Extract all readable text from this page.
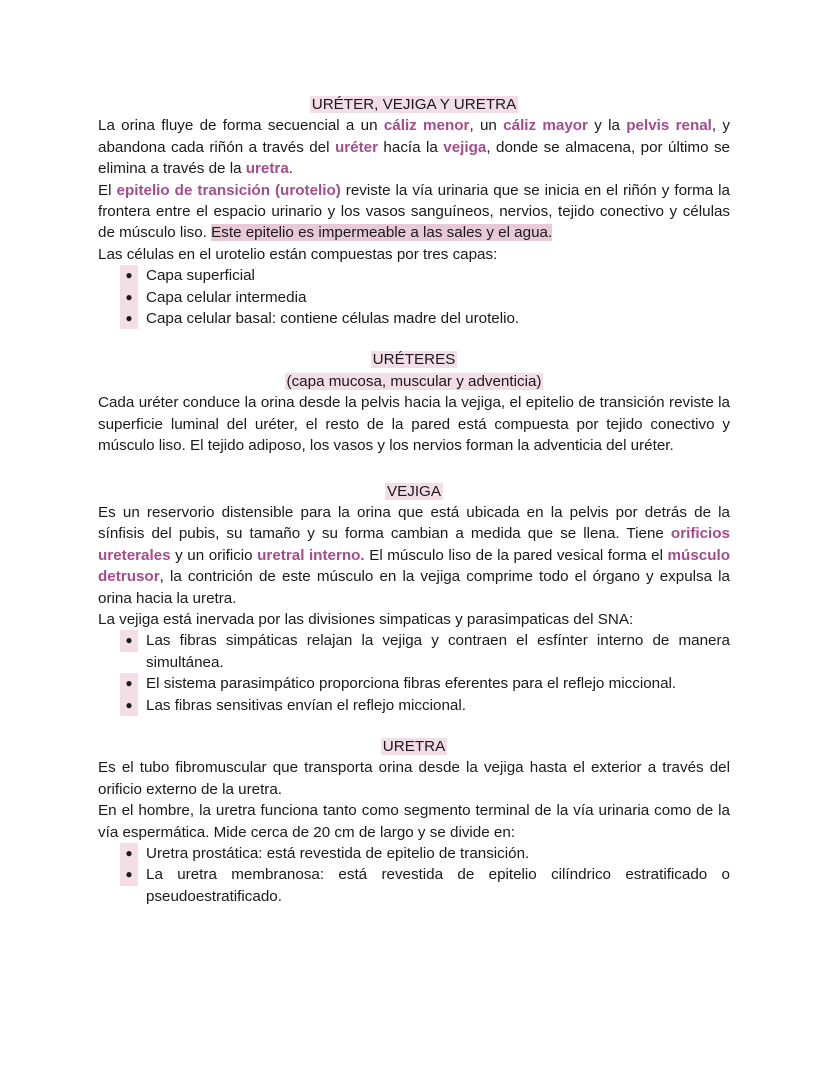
URÉTER, VEJIGA Y URETRA

La orina fluye de forma secuencial a un cáliz menor, un cáliz mayor y la pelvis renal, y abandona cada riñón a través del uréter hacía la vejiga, donde se almacena, por último se elimina a través de la uretra.

El epitelio de transición (urotelio) reviste la vía urinaria que se inicia en el riñón y forma la frontera entre el espacio urinario y los vasos sanguíneos, nervios, tejido conectivo y células de músculo liso. Este epitelio es impermeable a las sales y el agua.

Las células en el urotelio están compuestas por tres capas:

● Capa superficial
● Capa celular intermedia
● Capa celular basal: contiene células madre del urotelio.

URÉTERES

(capa mucosa, muscular y adventicia)

Cada uréter conduce la orina desde la pelvis hacia la vejiga, el epitelio de transición reviste la superficie luminal del uréter, el resto de la pared está compuesta por tejido conectivo y músculo liso. El tejido adiposo, los vasos y los nervios forman la adventicia del uréter.

VEJIGA

Es un reservorio distensible para la orina que está ubicada en la pelvis por detrás de la sínfisis del pubis, su tamaño y su forma cambian a medida que se llena. Tiene orificios ureterales y un orificio uretral interno. El músculo liso de la pared vesical forma el músculo detrusor, la contrición de este músculo en la vejiga comprime todo el órgano y expulsa la orina hacia la uretra.

La vejiga está inervada por las divisiones simpaticas y parasimpaticas del SNA:

● Las fibras simpáticas relajan la vejiga y contraen el esfínter interno de manera simultánea.
● El sistema parasimpático proporciona fibras eferentes para el reflejo miccional.
● Las fibras sensitivas envían el reflejo miccional.

URETRA

Es el tubo fibromuscular que transporta orina desde la vejiga hasta el exterior a través del orificio externo de la uretra.

En el hombre, la uretra funciona tanto como segmento terminal de la vía urinaria como de la vía espermática. Mide cerca de 20 cm de largo y se divide en:

● Uretra prostática: está revestida de epitelio de transición.
● La uretra membranosa: está revestida de epitelio cilíndrico estratificado o pseudoestratificado.
